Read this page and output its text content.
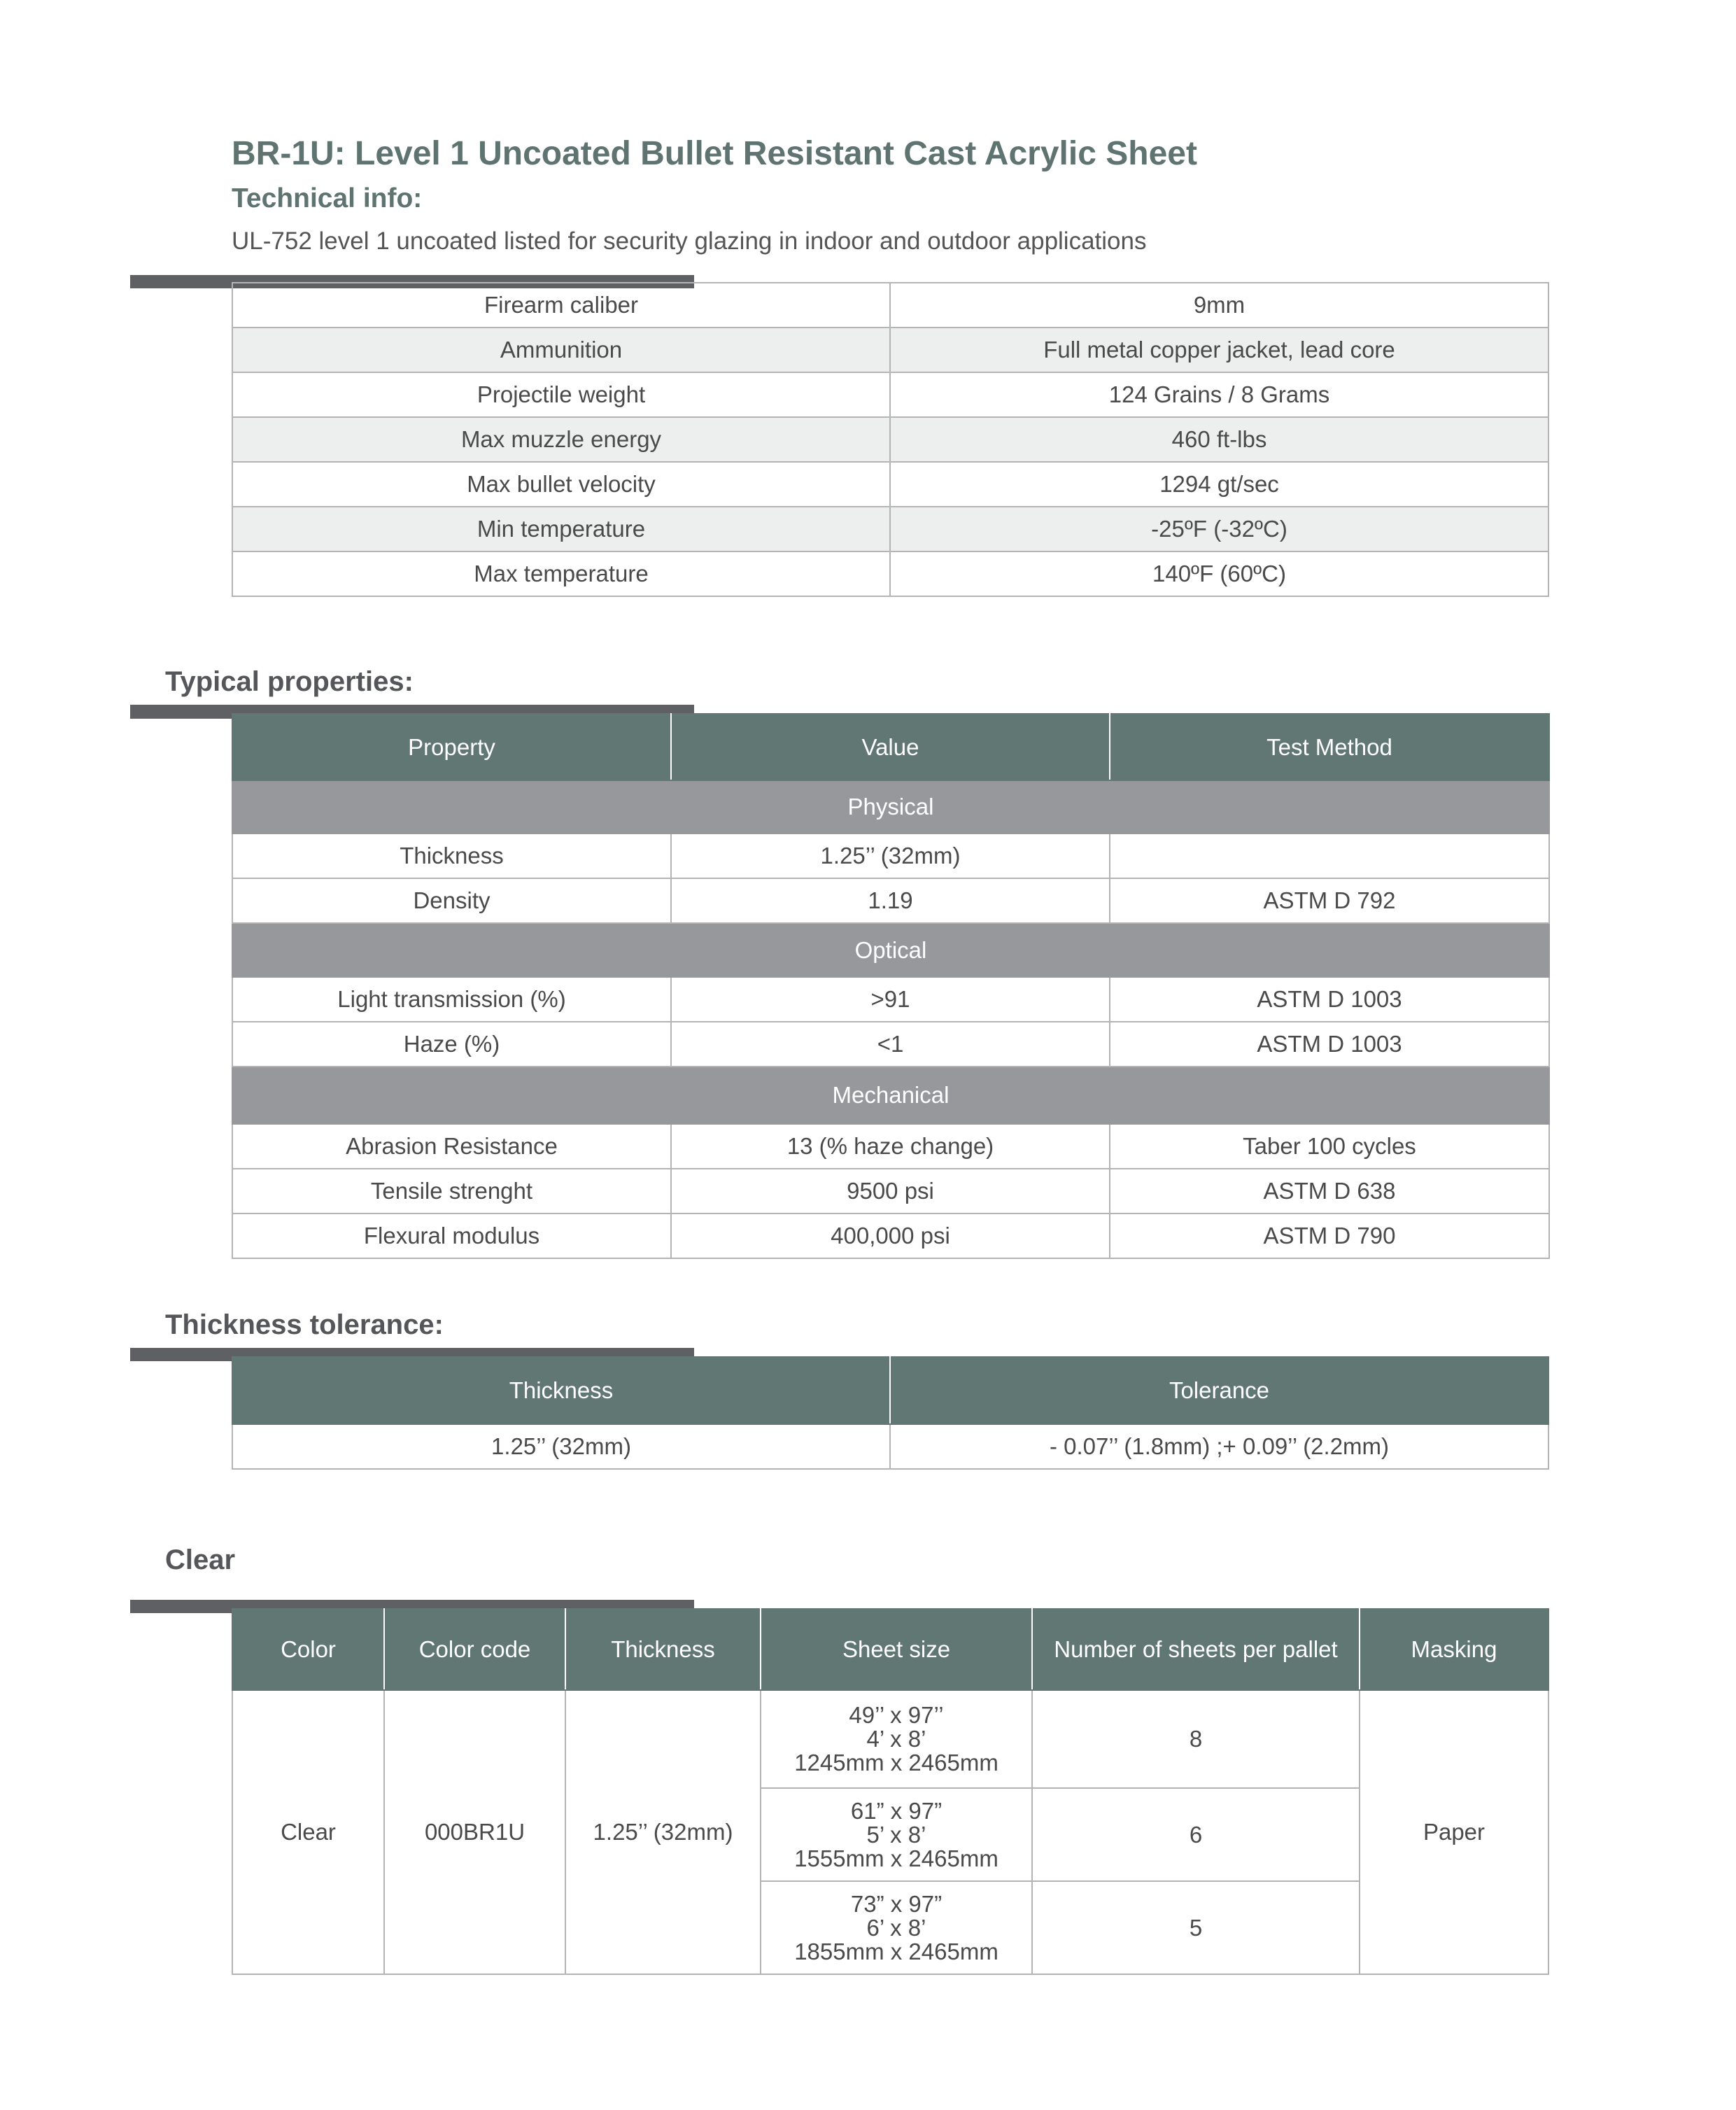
BR-1U: Level 1 Uncoated Bullet Resistant Cast Acrylic Sheet
Technical info:
UL-752 level 1 uncoated listed for security glazing in indoor and outdoor applications
Firearm caliber	9mm
Ammunition	Full metal copper jacket, lead core
Projectile weight	124 Grains / 8 Grams
Max muzzle energy	460 ft-lbs
Max bullet velocity	1294 gt/sec
Min temperature	-25ºF (-32ºC)
Max temperature	140ºF (60ºC)
Typical properties:
Property	Value	Test Method
Physical		
Thickness	1.25’’ (32mm)	
Density	1.19	ASTM D 792
Optical		
Light transmission (%)	>91	ASTM D 1003
Haze (%)	<1	ASTM D 1003
Mechanical		
Abrasion Resistance	13 (% haze change)	Taber 100 cycles
Tensile strenght	9500 psi	ASTM D 638
Flexural modulus	400,000 psi	ASTM D 790
Thickness tolerance:
Thickness	Tolerance
1.25’’ (32mm)	- 0.07’’ (1.8mm) ;+ 0.09’’ (2.2mm)
Clear
Color	Color code	Thickness	Sheet size	Number of sheets per pallet	Masking
Clear	000BR1U	1.25’’ (32mm)	49’’ x 97’’
4’ x 8’
1245mm x 2465mm	8	Paper

			61” x 97”
5’ x 8’
1555mm x 2465mm	6	

			73” x 97”
6’ x 8’
1855mm x 2465mm	5	
